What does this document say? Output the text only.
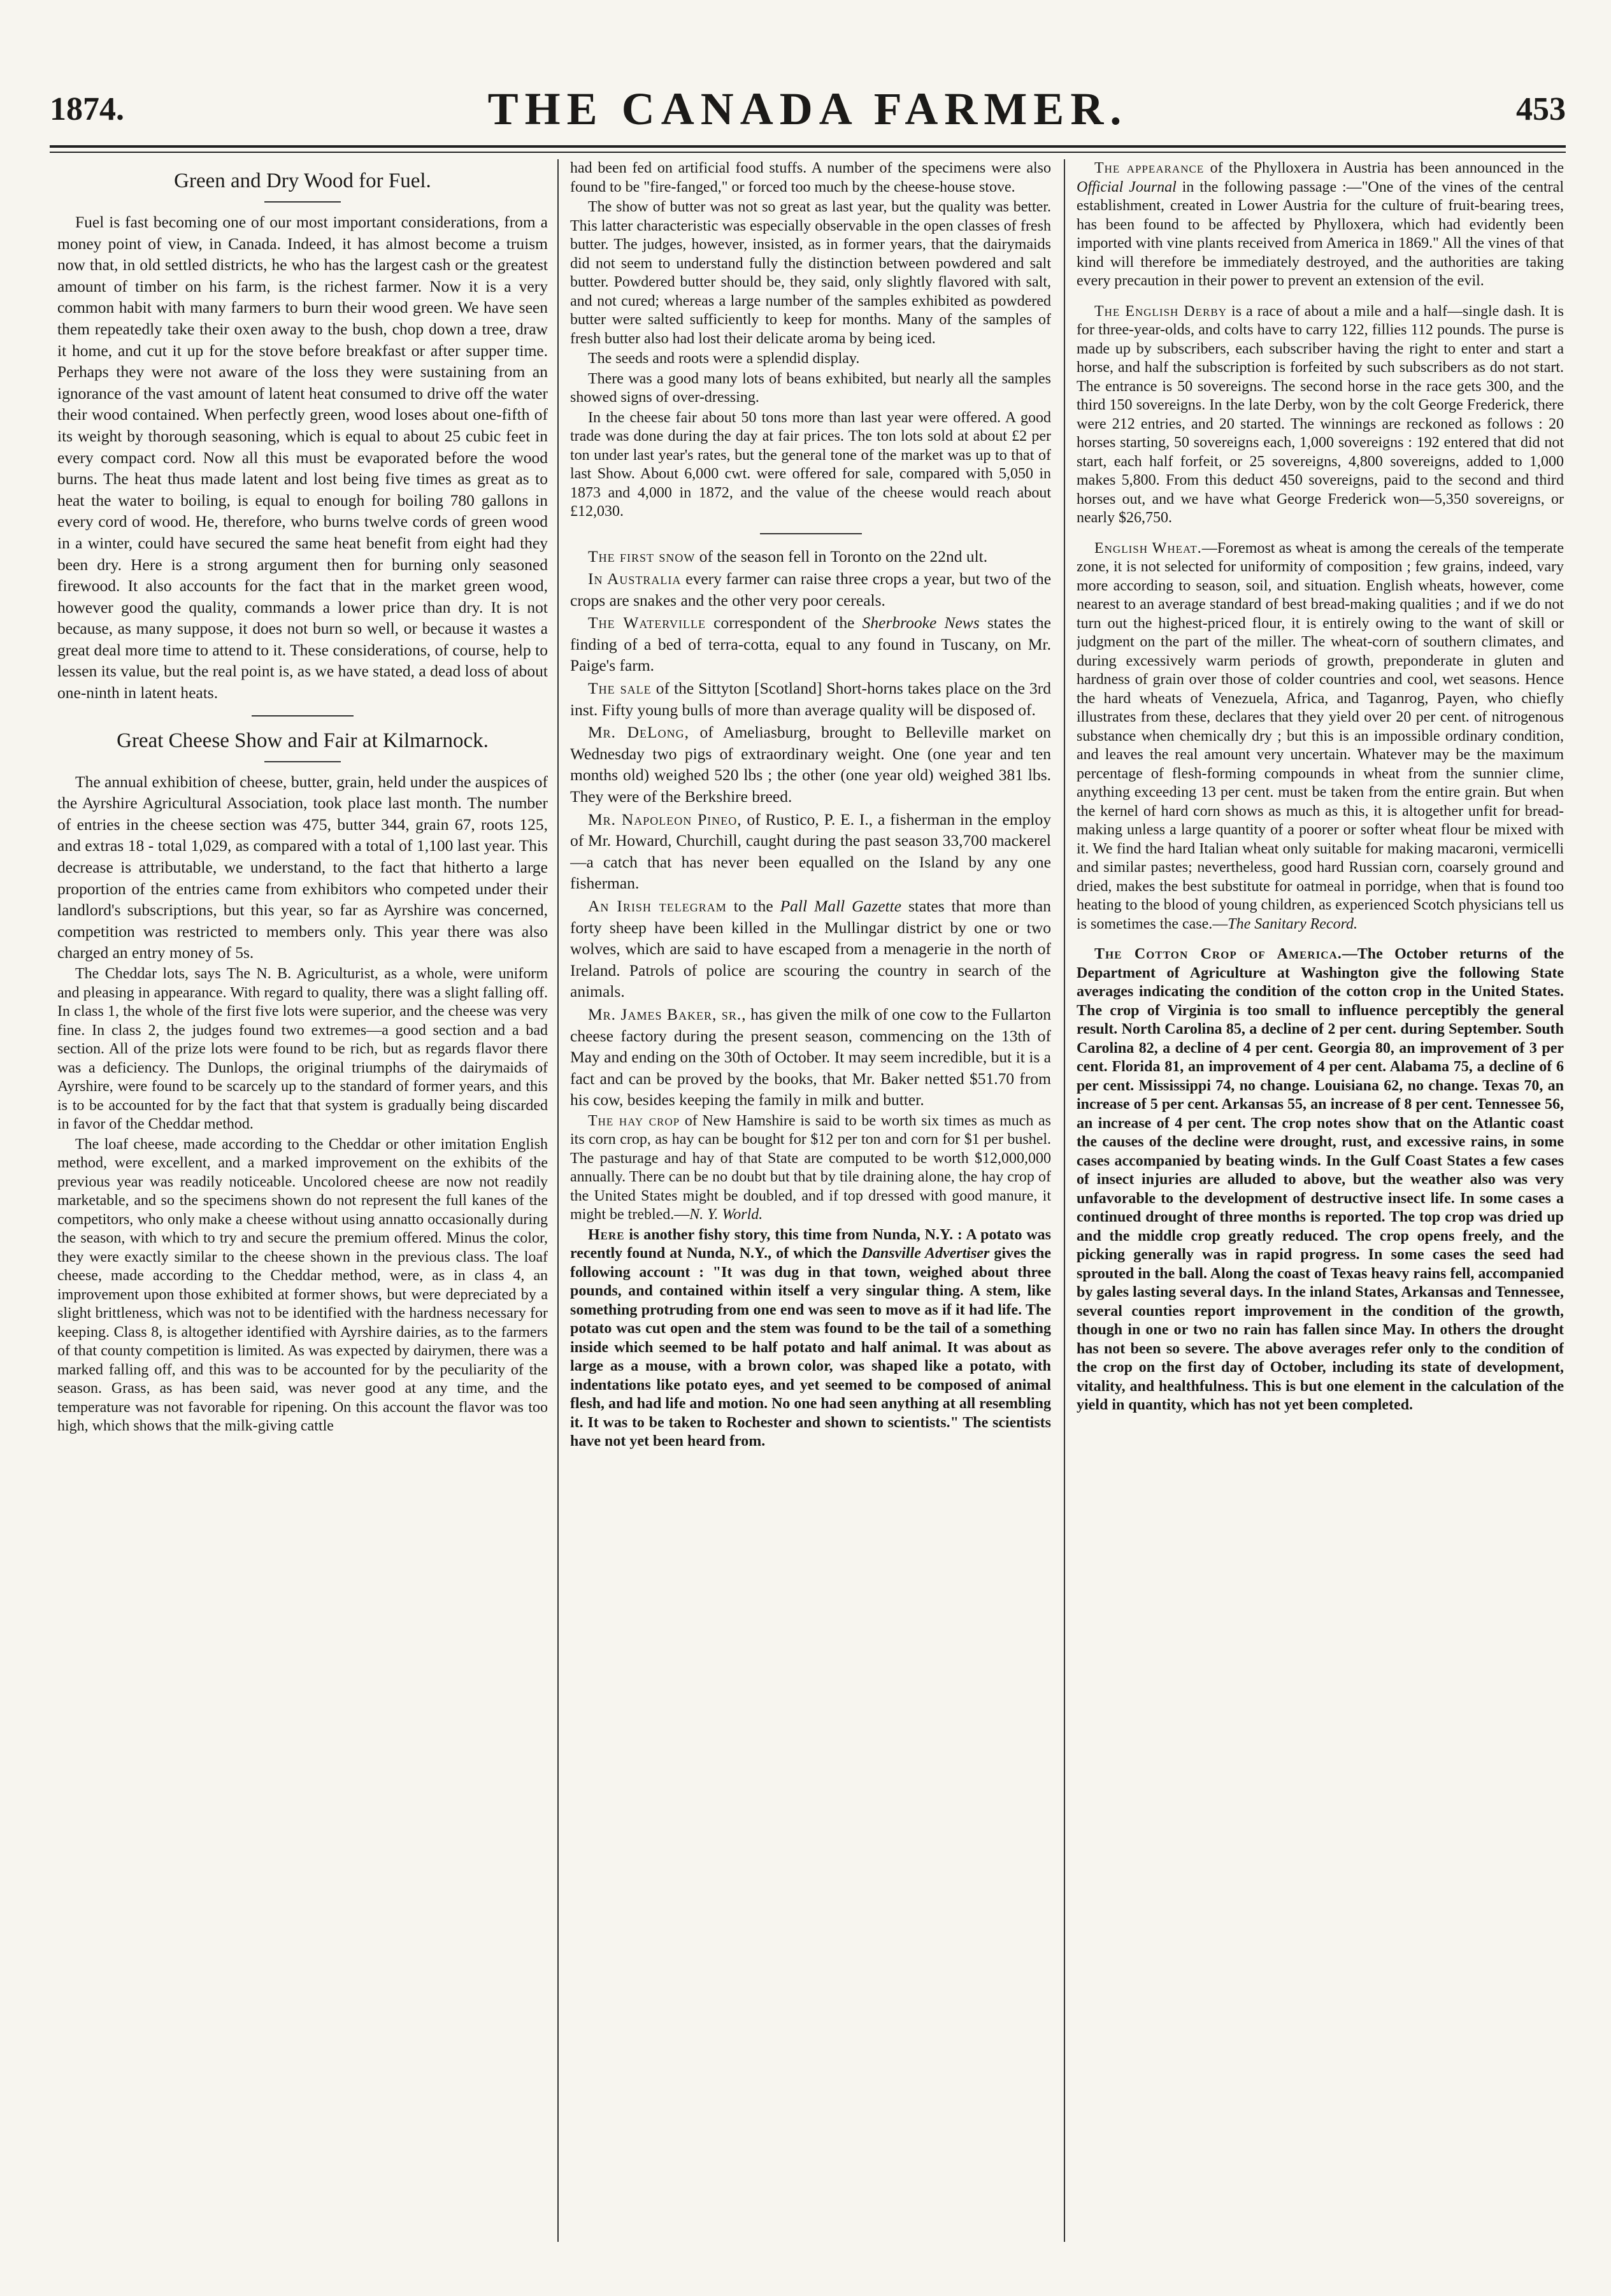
1874.	THE CANADA FARMER.	453
Green and Dry Wood for Fuel.

Fuel is fast becoming one of our most important considerations, from a money point of view, in Canada. Indeed, it has almost become a truism now that, in old settled districts, he who has the largest cash or the greatest amount of timber on his farm, is the richest farmer. Now it is a very common habit with many farmers to burn their wood green. We have seen them repeatedly take their oxen away to the bush, chop down a tree, draw it home, and cut it up for the stove before breakfast or after supper time. Perhaps they were not aware of the loss they were sustaining from an ignorance of the vast amount of latent heat consumed to drive off the water their wood contained. When perfectly green, wood loses about one-fifth of its weight by thorough seasoning, which is equal to about 25 cubic feet in every compact cord. Now all this must be evaporated before the wood burns. The heat thus made latent and lost being five times as great as to heat the water to boiling, is equal to enough for boiling 780 gallons in every cord of wood. He, therefore, who burns twelve cords of green wood in a winter, could have secured the same heat benefit from eight had they been dry. Here is a strong argument then for burning only seasoned firewood. It also accounts for the fact that in the market green wood, however good the quality, commands a lower price than dry. It is not because, as many suppose, it does not burn so well, or because it wastes a great deal more time to attend to it. These considerations, of course, help to lessen its value, but the real point is, as we have stated, a dead loss of about one-ninth in latent heats.

Great Cheese Show and Fair at Kilmarnock.

The annual exhibition of cheese, butter, grain, held under the auspices of the Ayrshire Agricultural Association, took place last month. The number of entries in the cheese section was 475, butter 344, grain 67, roots 125, and extras 18 - total 1,029, as compared with a total of 1,100 last year. This decrease is attributable, we understand, to the fact that hitherto a large proportion of the entries came from exhibitors who competed under their landlord's subscriptions, but this year, so far as Ayrshire was concerned, competition was restricted to members only. This year there was also charged an entry money of 5s.

The Cheddar lots, says The N. B. Agriculturist, as a whole, were uniform and pleasing in appearance. With regard to quality, there was a slight falling off. In class 1, the whole of the first five lots were superior, and the cheese was very fine. In class 2, the judges found two extremes—a good section and a bad section. All of the prize lots were found to be rich, but as regards flavor there was a deficiency. The Dunlops, the original triumphs of the dairymaids of Ayrshire, were found to be scarcely up to the standard of former years, and this is to be accounted for by the fact that that system is gradually being discarded in favor of the Cheddar method.

The loaf cheese, made according to the Cheddar or other imitation English method, were excellent, and a marked improvement on the exhibits of the previous year was readily noticeable. Uncolored cheese are now not readily marketable, and so the specimens shown do not represent the full kanes of the competitors, who only make a cheese without using annatto occasionally during the season, with which to try and secure the premium offered. Minus the color, they were exactly similar to the cheese shown in the previous class. The loaf cheese, made according to the Cheddar method, were, as in class 4, an improvement upon those exhibited at former shows, but were depreciated by a slight brittleness, which was not to be identified with the hardness necessary for keeping. Class 8, is altogether identified with Ayrshire dairies, as to the farmers of that county competition is limited. As was expected by dairymen, there was a marked falling off, and this was to be accounted for by the peculiarity of the season. Grass, as has been said, was never good at any time, and the temperature was not favorable for ripening. On this account the flavor was too high, which shows that the milk-giving cattle

had been fed on artificial food stuffs. A number of the specimens were also found to be "fire-fanged," or forced too much by the cheese-house stove.

The show of butter was not so great as last year, but the quality was better. This latter characteristic was especially observable in the open classes of fresh butter. The judges, however, insisted, as in former years, that the dairymaids did not seem to understand fully the distinction between powdered and salt butter. Powdered butter should be, they said, only slightly flavored with salt, and not cured; whereas a large number of the samples exhibited as powdered butter were salted sufficiently to keep for months. Many of the samples of fresh butter also had lost their delicate aroma by being iced.

The seeds and roots were a splendid display.

There was a good many lots of beans exhibited, but nearly all the samples showed signs of over-dressing.

In the cheese fair about 50 tons more than last year were offered. A good trade was done during the day at fair prices. The ton lots sold at about £2 per ton under last year's rates, but the general tone of the market was up to that of last Show. About 6,000 cwt. were offered for sale, compared with 5,050 in 1873 and 4,000 in 1872, and the value of the cheese would reach about £12,030.

The first snow of the season fell in Toronto on the 22nd ult.

In Australia every farmer can raise three crops a year, but two of the crops are snakes and the other very poor cereals.

The Waterville correspondent of the Sherbrooke News states the finding of a bed of terra-cotta, equal to any found in Tuscany, on Mr. Paige's farm.

The sale of the Sittyton [Scotland] Short-horns takes place on the 3rd inst. Fifty young bulls of more than average quality will be disposed of.

Mr. DeLong, of Ameliasburg, brought to Belleville market on Wednesday two pigs of extraordinary weight. One (one year and ten months old) weighed 520 lbs ; the other (one year old) weighed 381 lbs. They were of the Berkshire breed.

Mr. Napoleon Pineo, of Rustico, P. E. I., a fisherman in the employ of Mr. Howard, Churchill, caught during the past season 33,700 mackerel—a catch that has never been equalled on the Island by any one fisherman.

An Irish telegram to the Pall Mall Gazette states that more than forty sheep have been killed in the Mullingar district by one or two wolves, which are said to have escaped from a menagerie in the north of Ireland. Patrols of police are scouring the country in search of the animals.

Mr. James Baker, sr., has given the milk of one cow to the Fullarton cheese factory during the present season, commencing on the 13th of May and ending on the 30th of October. It may seem incredible, but it is a fact and can be proved by the books, that Mr. Baker netted $51.70 from his cow, besides keeping the family in milk and butter.

The hay crop of New Hamshire is said to be worth six times as much as its corn crop, as hay can be bought for $12 per ton and corn for $1 per bushel. The pasturage and hay of that State are computed to be worth $12,000,000 annually. There can be no doubt but that by tile draining alone, the hay crop of the United States might be doubled, and if top dressed with good manure, it might be trebled.—N. Y. World.

Here is another fishy story, this time from Nunda, N.Y. : A potato was recently found at Nunda, N.Y., of which the Dansville Advertiser gives the following account : "It was dug in that town, weighed about three pounds, and contained within itself a very singular thing. A stem, like something protruding from one end was seen to move as if it had life. The potato was cut open and the stem was found to be the tail of a something inside which seemed to be half potato and half animal. It was about as large as a mouse, with a brown color, was shaped like a potato, with indentations like potato eyes, and yet seemed to be composed of animal flesh, and had life and motion. No one had seen anything at all resembling it. It was to be taken to Rochester and shown to scientists." The scientists have not yet been heard from.

The appearance of the Phylloxera in Austria has been announced in the Official Journal in the following passage :—"One of the vines of the central establishment, created in Lower Austria for the culture of fruit-bearing trees, has been found to be affected by Phylloxera, which had evidently been imported with vine plants received from America in 1869." All the vines of that kind will therefore be immediately destroyed, and the authorities are taking every precaution in their power to prevent an extension of the evil.

The English Derby is a race of about a mile and a half—single dash. It is for three-year-olds, and colts have to carry 122, fillies 112 pounds. The purse is made up by subscribers, each subscriber having the right to enter and start a horse, and half the subscription is forfeited by such subscribers as do not start. The entrance is 50 sovereigns. The second horse in the race gets 300, and the third 150 sovereigns. In the late Derby, won by the colt George Frederick, there were 212 entries, and 20 started. The winnings are reckoned as follows : 20 horses starting, 50 sovereigns each, 1,000 sovereigns : 192 entered that did not start, each half forfeit, or 25 sovereigns, 4,800 sovereigns, added to 1,000 makes 5,800. From this deduct 450 sovereigns, paid to the second and third horses out, and we have what George Frederick won—5,350 sovereigns, or nearly $26,750.

English Wheat.—Foremost as wheat is among the cereals of the temperate zone, it is not selected for uniformity of composition ; few grains, indeed, vary more according to season, soil, and situation. English wheats, however, come nearest to an average standard of best bread-making qualities ; and if we do not turn out the highest-priced flour, it is entirely owing to the want of skill or judgment on the part of the miller. The wheat-corn of southern climates, and during excessively warm periods of growth, preponderate in gluten and hardness of grain over those of colder countries and cool, wet seasons. Hence the hard wheats of Venezuela, Africa, and Taganrog, Payen, who chiefly illustrates from these, declares that they yield over 20 per cent. of nitrogenous substance when chemically dry ; but this is an impossible ordinary condition, and leaves the real amount very uncertain. Whatever may be the maximum percentage of flesh-forming compounds in wheat from the sunnier clime, anything exceeding 13 per cent. must be taken from the entire grain. But when the kernel of hard corn shows as much as this, it is altogether unfit for bread-making unless a large quantity of a poorer or softer wheat flour be mixed with it. We find the hard Italian wheat only suitable for making macaroni, vermicelli and similar pastes; nevertheless, good hard Russian corn, coarsely ground and dried, makes the best substitute for oatmeal in porridge, when that is found too heating to the blood of young children, as experienced Scotch physicians tell us is sometimes the case.—The Sanitary Record.

The Cotton Crop of America.—The October returns of the Department of Agriculture at Washington give the following State averages indicating the condition of the cotton crop in the United States. The crop of Virginia is too small to influence perceptibly the general result. North Carolina 85, a decline of 2 per cent. during September. South Carolina 82, a decline of 4 per cent. Georgia 80, an improvement of 3 per cent. Florida 81, an improvement of 4 per cent. Alabama 75, a decline of 6 per cent. Mississippi 74, no change. Louisiana 62, no change. Texas 70, an increase of 5 per cent. Arkansas 55, an increase of 8 per cent. Tennessee 56, an increase of 4 per cent. The crop notes show that on the Atlantic coast the causes of the decline were drought, rust, and excessive rains, in some cases accompanied by beating winds. In the Gulf Coast States a few cases of insect injuries are alluded to above, but the weather also was very unfavorable to the development of destructive insect life. In some cases a continued drought of three months is reported. The top crop was dried up and the middle crop greatly reduced. The crop opens freely, and the picking generally was in rapid progress. In some cases the seed had sprouted in the ball. Along the coast of Texas heavy rains fell, accompanied by gales lasting several days. In the inland States, Arkansas and Tennessee, several counties report improvement in the condition of the growth, though in one or two no rain has fallen since May. In others the drought has not been so severe. The above averages refer only to the condition of the crop on the first day of October, including its state of development, vitality, and healthfulness. This is but one element in the calculation of the yield in quantity, which has not yet been completed.
